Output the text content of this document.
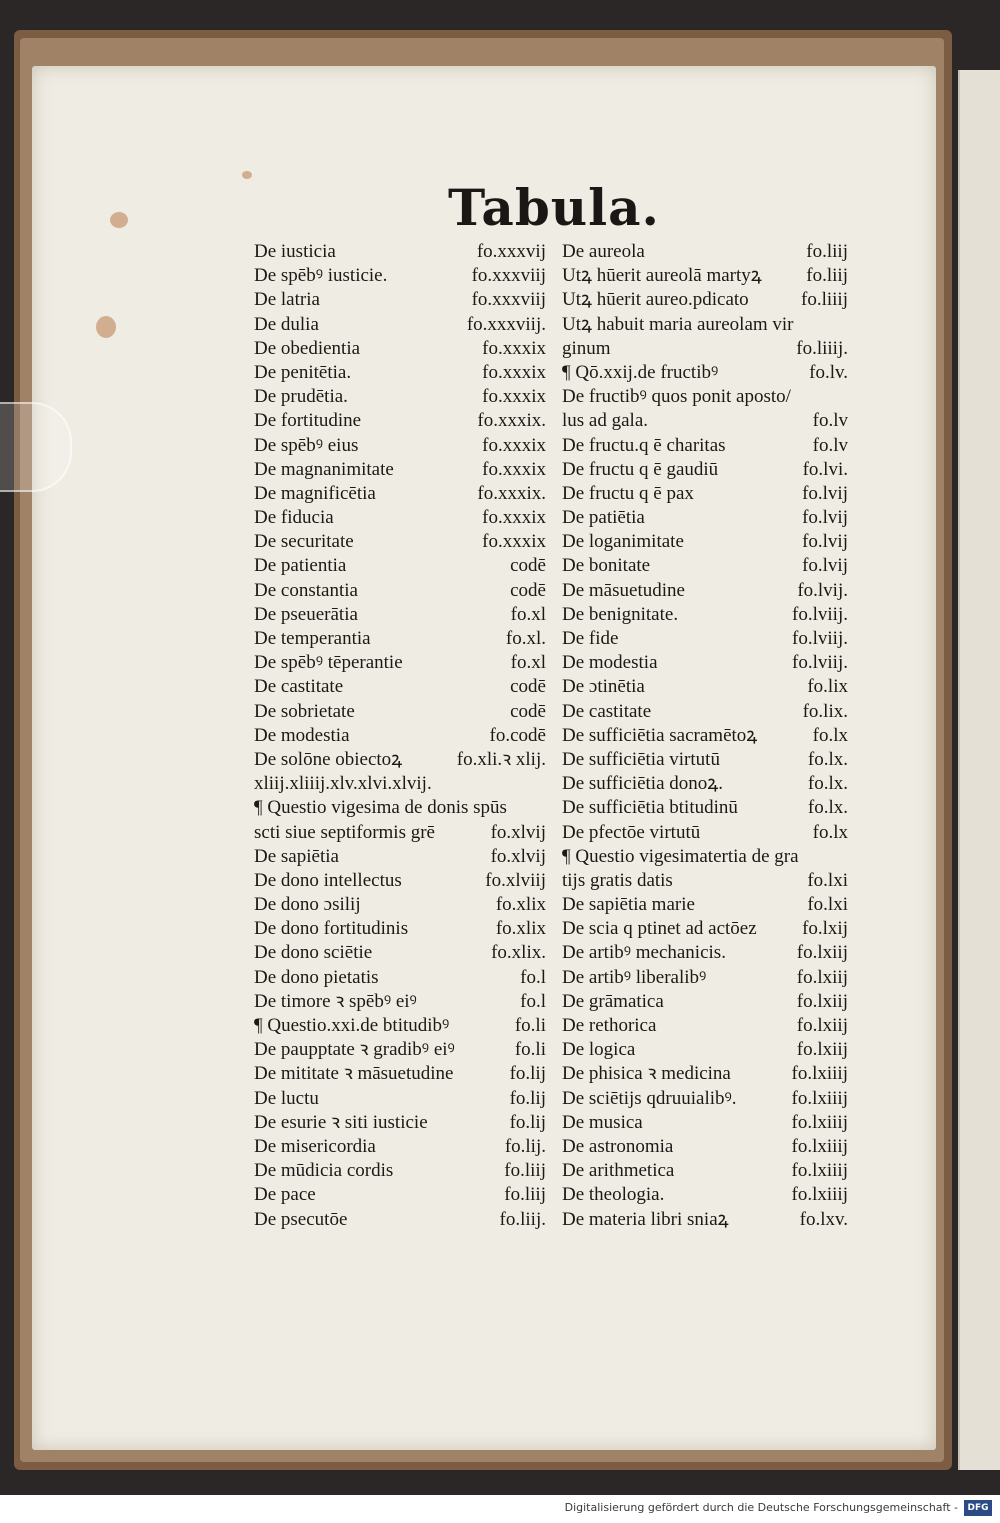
Tabula.
De iusticia	fo.xxxvij
De spēbꝰ iusticie.	fo.xxxviij
De latria	fo.xxxviij
De dulia	fo.xxxviij.
De obedientia	fo.xxxix
De penitētia.	fo.xxxix
De prudētia.	fo.xxxix
De fortitudine	fo.xxxix.
De spēbꝰ eius	fo.xxxix
De magnanimitate	fo.xxxix
De magnificētia	fo.xxxix.
De fiducia	fo.xxxix
De securitate	fo.xxxix
De patientia	codē
De constantia	codē
De pseuerātia	fo.xl
De temperantia	fo.xl.
De spēbꝰ tēperantie	fo.xl
De castitate	codē
De sobrietate	codē
De modestia	fo.codē
De solōne obiectoꝝ	fo.xli.ꝛ xlij.
xliij.xliiij.xlv.xlvi.xlvij.
¶ Questio vigesima de donis spūs
scti siue septiformis grē	fo.xlvij
De sapiētia	fo.xlvij
De dono intellectus	fo.xlviij
De dono ɔsilij	fo.xlix
De dono fortitudinis	fo.xlix
De dono sciētie	fo.xlix.
De dono pietatis	fo.l
De timore ꝛ spēbꝰ eiꝰ	fo.l
¶ Questio.xxi.de btitudibꝰ	fo.li
De paupptate ꝛ gradibꝰ eiꝰ	fo.li
De mititate ꝛ māsuetudine	fo.lij
De luctu	fo.lij
De esurie ꝛ siti iusticie	fo.lij
De misericordia	fo.lij.
De mūdicia cordis	fo.liij
De pace	fo.liij
De psecutōe	fo.liij.
De aureola	fo.liij
Utꝝ hūerit aureolā martyꝝ fo.liij
Utꝝ hūerit aureo.pdicato	fo.liiij
Utꝝ habuit maria aureolam vir
ginum	fo.liiij.
¶ Qō.xxij.de fructibꝰ	fo.lv.
De fructibꝰ quos ponit aposto/
lus ad gala.	fo.lv
De fructu.q ē charitas	fo.lv
De fructu q ē gaudiū	fo.lvi.
De fructu q ē pax	fo.lvij
De patiētia	fo.lvij
De loganimitate	fo.lvij
De bonitate	fo.lvij
De māsuetudine	fo.lvij.
De benignitate.	fo.lviij.
De fide	fo.lviij.
De modestia	fo.lviij.
De ɔtinētia	fo.lix
De castitate	fo.lix.
De sufficiētia sacramētoꝝ	fo.lx
De sufficiētia virtutū	fo.lx.
De sufficiētia donoꝝ.	fo.lx.
De sufficiētia btitudinū	fo.lx.
De pfectōe virtutū	fo.lx
¶ Questio vigesimatertia de gra
tijs gratis datis	fo.lxi
De sapiētia marie	fo.lxi
De scia q ptinet ad actōez fo.lxij
De artibꝰ mechanicis.	fo.lxiij
De artibꝰ liberalibꝰ	fo.lxiij
De grāmatica	fo.lxiij
De rethorica	fo.lxiij
De logica	fo.lxiij
De phisica ꝛ medicina	fo.lxiiij
De sciētijs qdruuialibꝰ.	fo.lxiiij
De musica	fo.lxiiij
De astronomia	fo.lxiiij
De arithmetica	fo.lxiiij
De theologia.	fo.lxiiij
De materia libri sniaꝝ	fo.lxv.
Digitalisierung gefördert durch die Deutsche Forschungsgemeinschaft -	DFG
